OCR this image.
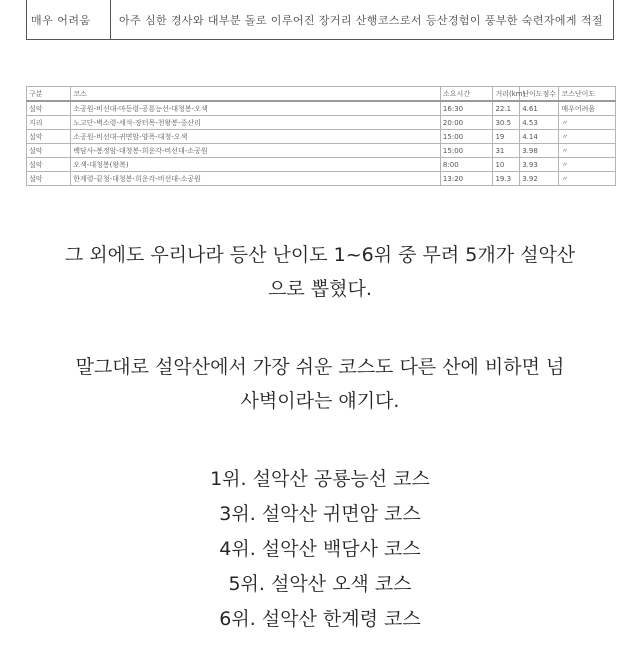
매우 어려움	아주 심한 경사와 대부분 돌로 이루어진 장거리 산행코스로서 등산경험이 풍부한 숙련자에게 적절
구분	코스	소요시간	거리(km)	난이도점수	코스난이도
설악	소공원-비선대-마등령-공룡능선-대청봉-오색	16:30	22.1	4.61	매우어려움
지리	노고단-벽소령-세석-장터목-천왕봉-중산리	20:00	30.5	4.53	〃
설악	소공원-비선대-귀면암-양폭-대청-오색	15:00	19	4.14	〃
설악	백담사-봉정암-대청봉-희운각-비선대-소공원	15:00	31	3.98	〃
설악	오색-대청봉(왕복)	8:00	10	3.93	〃
설악	한계령-끝청-대청봉-희운각-비선대-소공원	13:20	19.3	3.92	〃
그 외에도 우리나라 등산 난이도 1~6위 중 무려 5개가 설악산
으로 뽑혔다.
말그대로 설악산에서 가장 쉬운 코스도 다른 산에 비하면 넘
사벽이라는 얘기다.
1위. 설악산 공룡능선 코스
3위. 설악산 귀면암 코스
4위. 설악산 백담사 코스
5위. 설악산 오색 코스
6위. 설악산 한계령 코스
